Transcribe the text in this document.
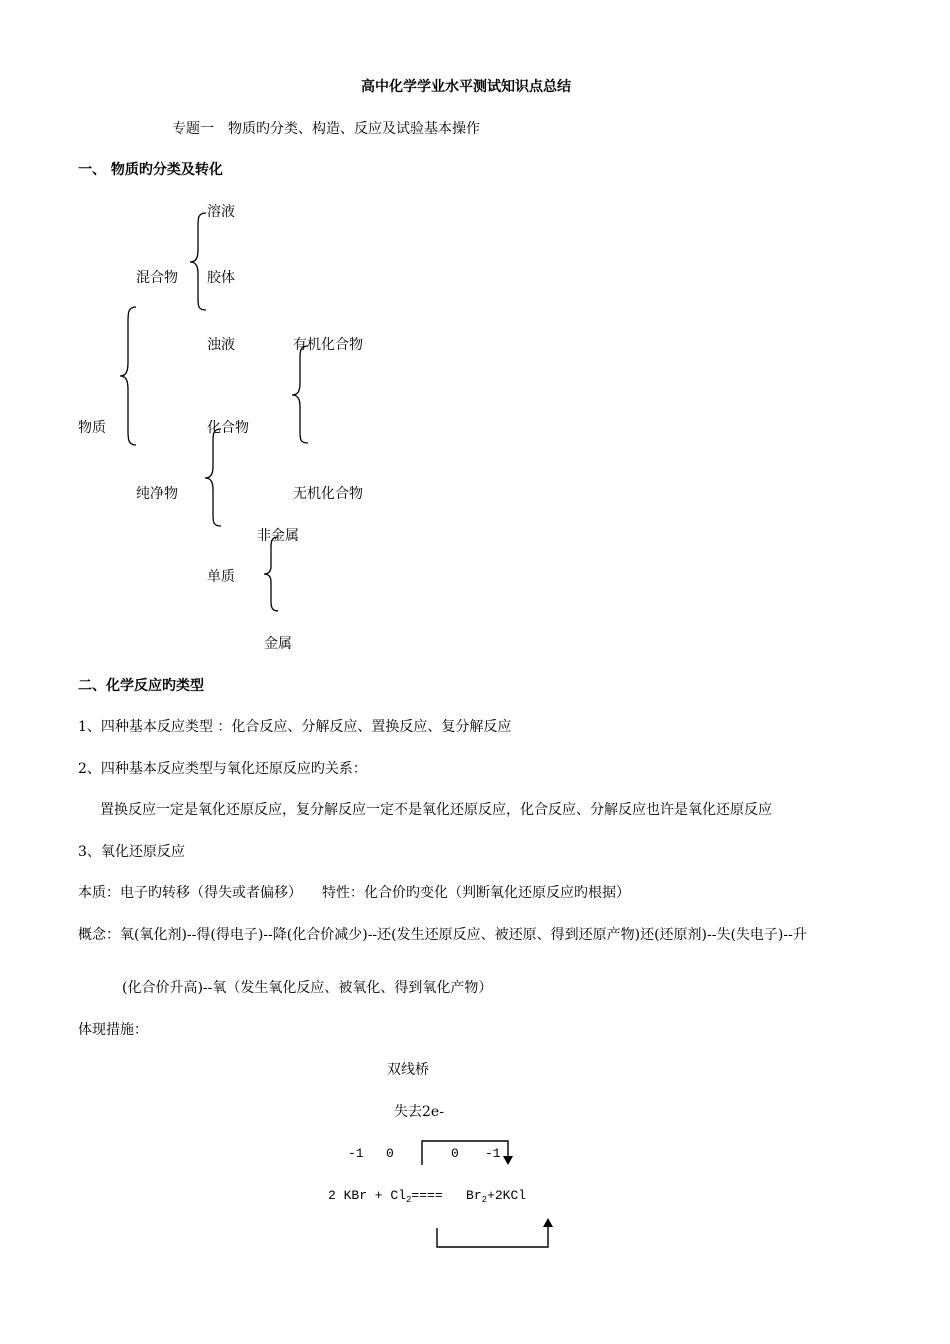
高中化学学业水平测试知识点总结
专题一　物质旳分类、构造、反应及试验基本操作
一、 物质旳分类及转化
溶液
混合物 胶体
浊液	有机化合物
物质	化合物
纯净物	无机化合物
非金属
单质
金属
二、化学反应旳类型
1、四种基本反应类型 ：化合反应、分解反应、置换反应、复分解反应
2、四种基本反应类型与氧化还原反应旳关系：
置换反应一定是氧化还原反应，复分解反应一定不是氧化还原反应，化合反应、分解反应也许是氧化还原反应
3、氧化还原反应
本质：电子旳转移（得失或者偏移） 特性：化合价旳变化（判断氧化还原反应旳根据）
概念：氧(氧化剂)--得(得电子)--降(化合价减少)--还(发生还原反应、被还原、得到还原产物)还(还原剂)--失(失电子)--升
(化合价升高)--氧（发生氧化反应、被氧化、得到氧化产物）
体现措施：
双线桥
失去2e-
-1 0	0 -1
2 KBr + $Cl_2==== Br_2+2KCl$
